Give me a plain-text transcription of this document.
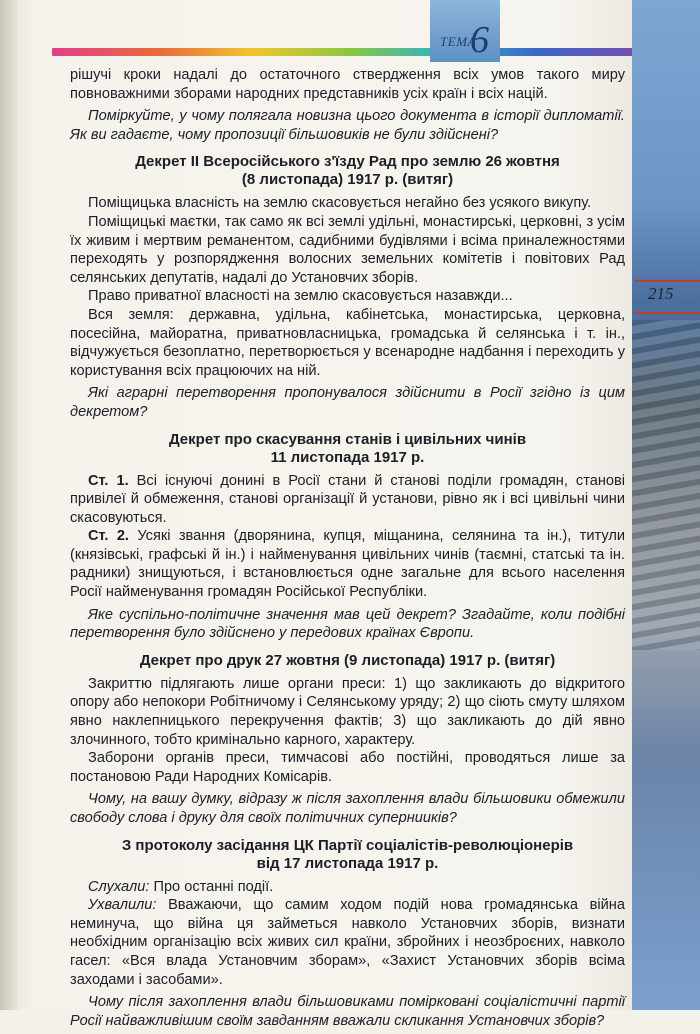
ТЕМА
6
215

рішучі кроки надалі до остаточного ствердження всіх умов такого миру повноважними зборами народних представників усіх країн і всіх націй.

Поміркуйте, у чому полягала новизна цього документа в історії дипломатії. Як ви гадаєте, чому пропозиції більшовиків не були здійснені?

Декрет ІІ Всеросійського з'їзду Рад про землю 26 жовтня
(8 листопада) 1917 р. (витяг)

Поміщицька власність на землю скасовується негайно без усякого викупу.

Поміщицькі маєтки, так само як всі землі удільні, монастирські, церковні, з усім їх живим і мертвим реманентом, садибними будівлями і всіма приналежностями переходять у розпорядження волосних земельних комітетів і повітових Рад селянських депутатів, надалі до Установчих зборів.

Право приватної власності на землю скасовується назавжди...

Вся земля: державна, удільна, кабінетська, монастирська, церковна, посесійна, майоратна, приватновласницька, громадська й селянська і т. ін., відчужується безоплатно, перетворюється у всенародне надбання і переходить у користування всіх працюючих на ній.

Які аграрні перетворення пропонувалося здійснити в Росії згідно із цим декретом?

Декрет про скасування станів і цивільних чинів
11 листопада 1917 р.

Ст. 1. Всі існуючі донині в Росії стани й станові поділи громадян, станові привілеї й обмеження, станові організації й установи, рівно як і всі цивільні чини скасовуються.

Ст. 2. Усякі звання (дворянина, купця, міщанина, селянина та ін.), титули (князівські, графські й ін.) і найменування цивільних чинів (таємні, статські та ін. радники) знищуються, і встановлюється одне загальне для всього населення Росії найменування громадян Російської Республіки.

Яке суспільно-політичне значення мав цей декрет? Згадайте, коли подібні перетворення було здійснено у передових країнах Європи.

Декрет про друк 27 жовтня (9 листопада) 1917 р. (витяг)

Закриттю підлягають лише органи преси: 1) що закликають до відкритого опору або непокори Робітничому і Селянському уряду; 2) що сіють смуту шляхом явно наклепницького перекручення фактів; 3) що закликають до дій явно злочинного, тобто кримінально карного, характеру.

Заборони органів преси, тимчасові або постійні, проводяться лише за постановою Ради Народних Комісарів.

Чому, на вашу думку, відразу ж після захоплення влади більшовики обмежили свободу слова і друку для своїх політичних супернииків?

З протоколу засідання ЦК Партії соціалістів-революціонерів
від 17 листопада 1917 р.

Слухали: Про останні події.

Ухвалили: Вважаючи, що самим ходом подій нова громадянська війна неминуча, що війна ця займеться навколо Установчих зборів, визнати необхідним організацію всіх живих сил країни, збройних і неозброєних, навколо гасел: «Вся влада Установчим зборам», «Захист Установчих зборів всіма заходами і засобами».

Чому після захоплення влади більшовиками помірковані соціалістичні партії Росії найважливішим своїм завданням вважали скликання Установчих зборів?
